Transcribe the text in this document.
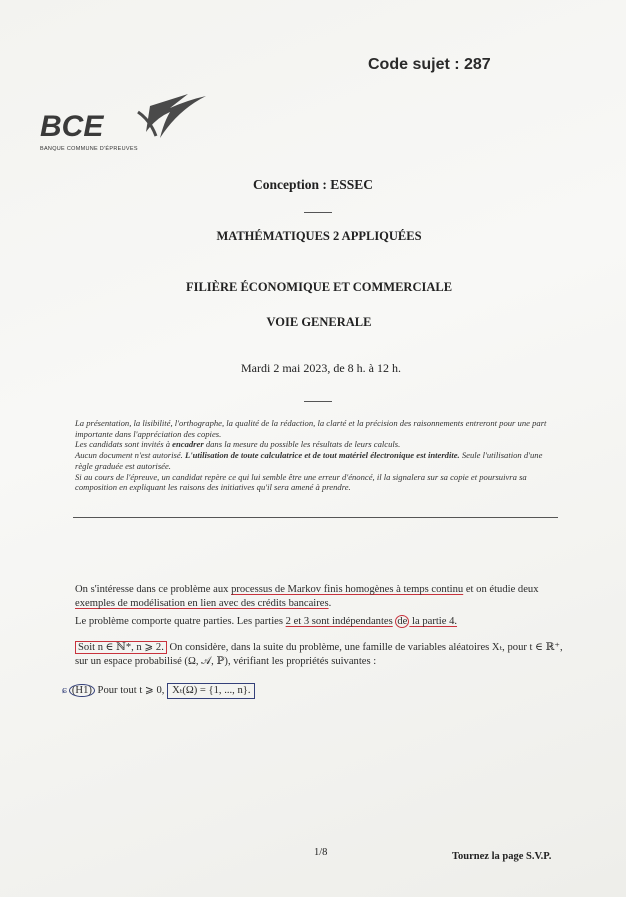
Code sujet : 287
BCE
BANQUE COMMUNE D'ÉPREUVES
Conception : ESSEC
MATHÉMATIQUES 2 APPLIQUÉES
FILIÈRE ÉCONOMIQUE ET COMMERCIALE
VOIE GENERALE
Mardi 2 mai 2023, de 8 h. à 12 h.

La présentation, la lisibilité, l'orthographe, la qualité de la rédaction, la clarté et la précision des raisonnements entreront pour une part importante dans l'appréciation des copies.

Les candidats sont invités à encadrer dans la mesure du possible les résultats de leurs calculs.

Aucun document n'est autorisé. L'utilisation de toute calculatrice et de tout matériel électronique est interdite. Seule l'utilisation d'une règle graduée est autorisée.

Si au cours de l'épreuve, un candidat repère ce qui lui semble être une erreur d'énoncé, il la signalera sur sa copie et poursuivra sa composition en expliquant les raisons des initiatives qu'il sera amené à prendre.

On s'intéresse dans ce problème aux processus de Markov finis homogènes à temps continu et on étudie deux exemples de modélisation en lien avec des crédits bancaires.

Le problème comporte quatre parties. Les parties 2 et 3 sont indépendantes de la partie 4.

Soit n ∈ ℕ*, n ⩾ 2. On considère, dans la suite du problème, une famille de variables aléatoires Xₜ, pour t ∈ ℝ⁺, sur un espace probabilisé (Ω, 𝒜, ℙ), vérifiant les propriétés suivantes :

ɕ (H1) Pour tout t ⩾ 0, Xₜ(Ω) = {1, ..., n}.
1/8	Tournez la page S.V.P.
